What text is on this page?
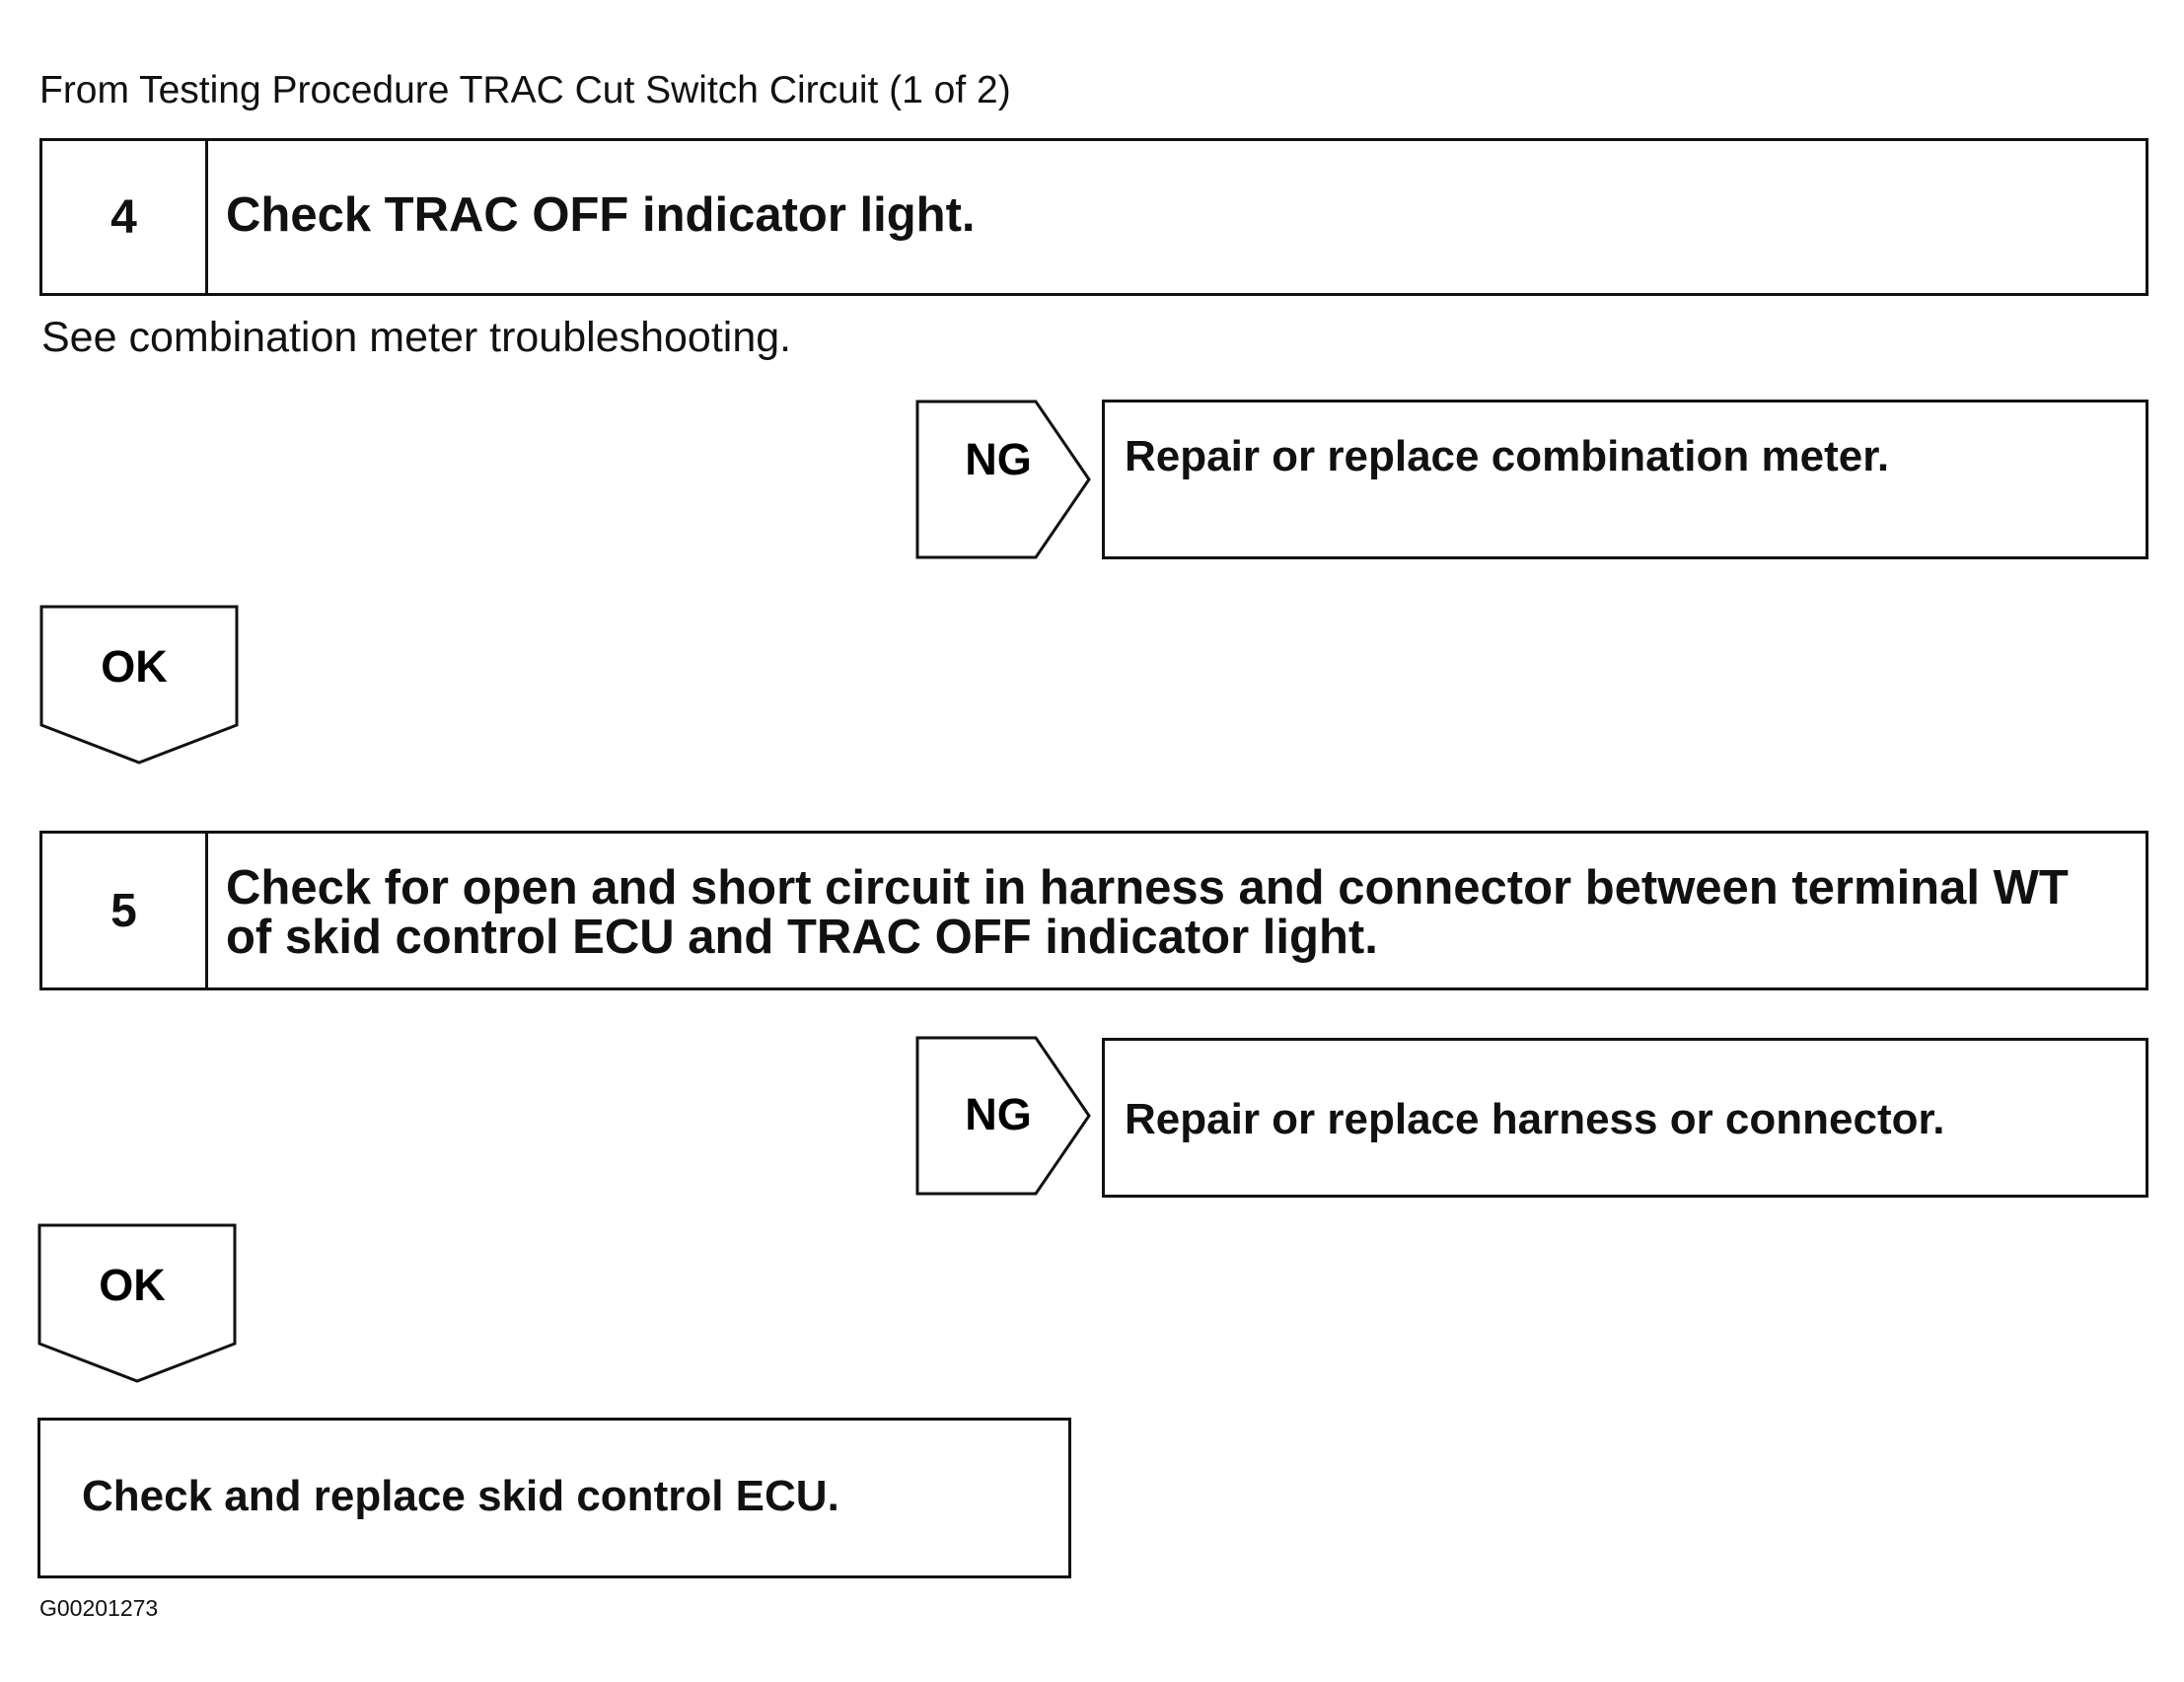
From Testing Procedure TRAC Cut Switch Circuit (1 of 2)
4	Check TRAC OFF indicator light.
See combination meter troubleshooting.
NG Repair or replace combination meter.
OK
5	Check for open and short circuit in harness and connector between terminal WT
of skid control ECU and TRAC OFF indicator light.
NG Repair or replace harness or connector.
OK
Check and replace skid control ECU.
G00201273
